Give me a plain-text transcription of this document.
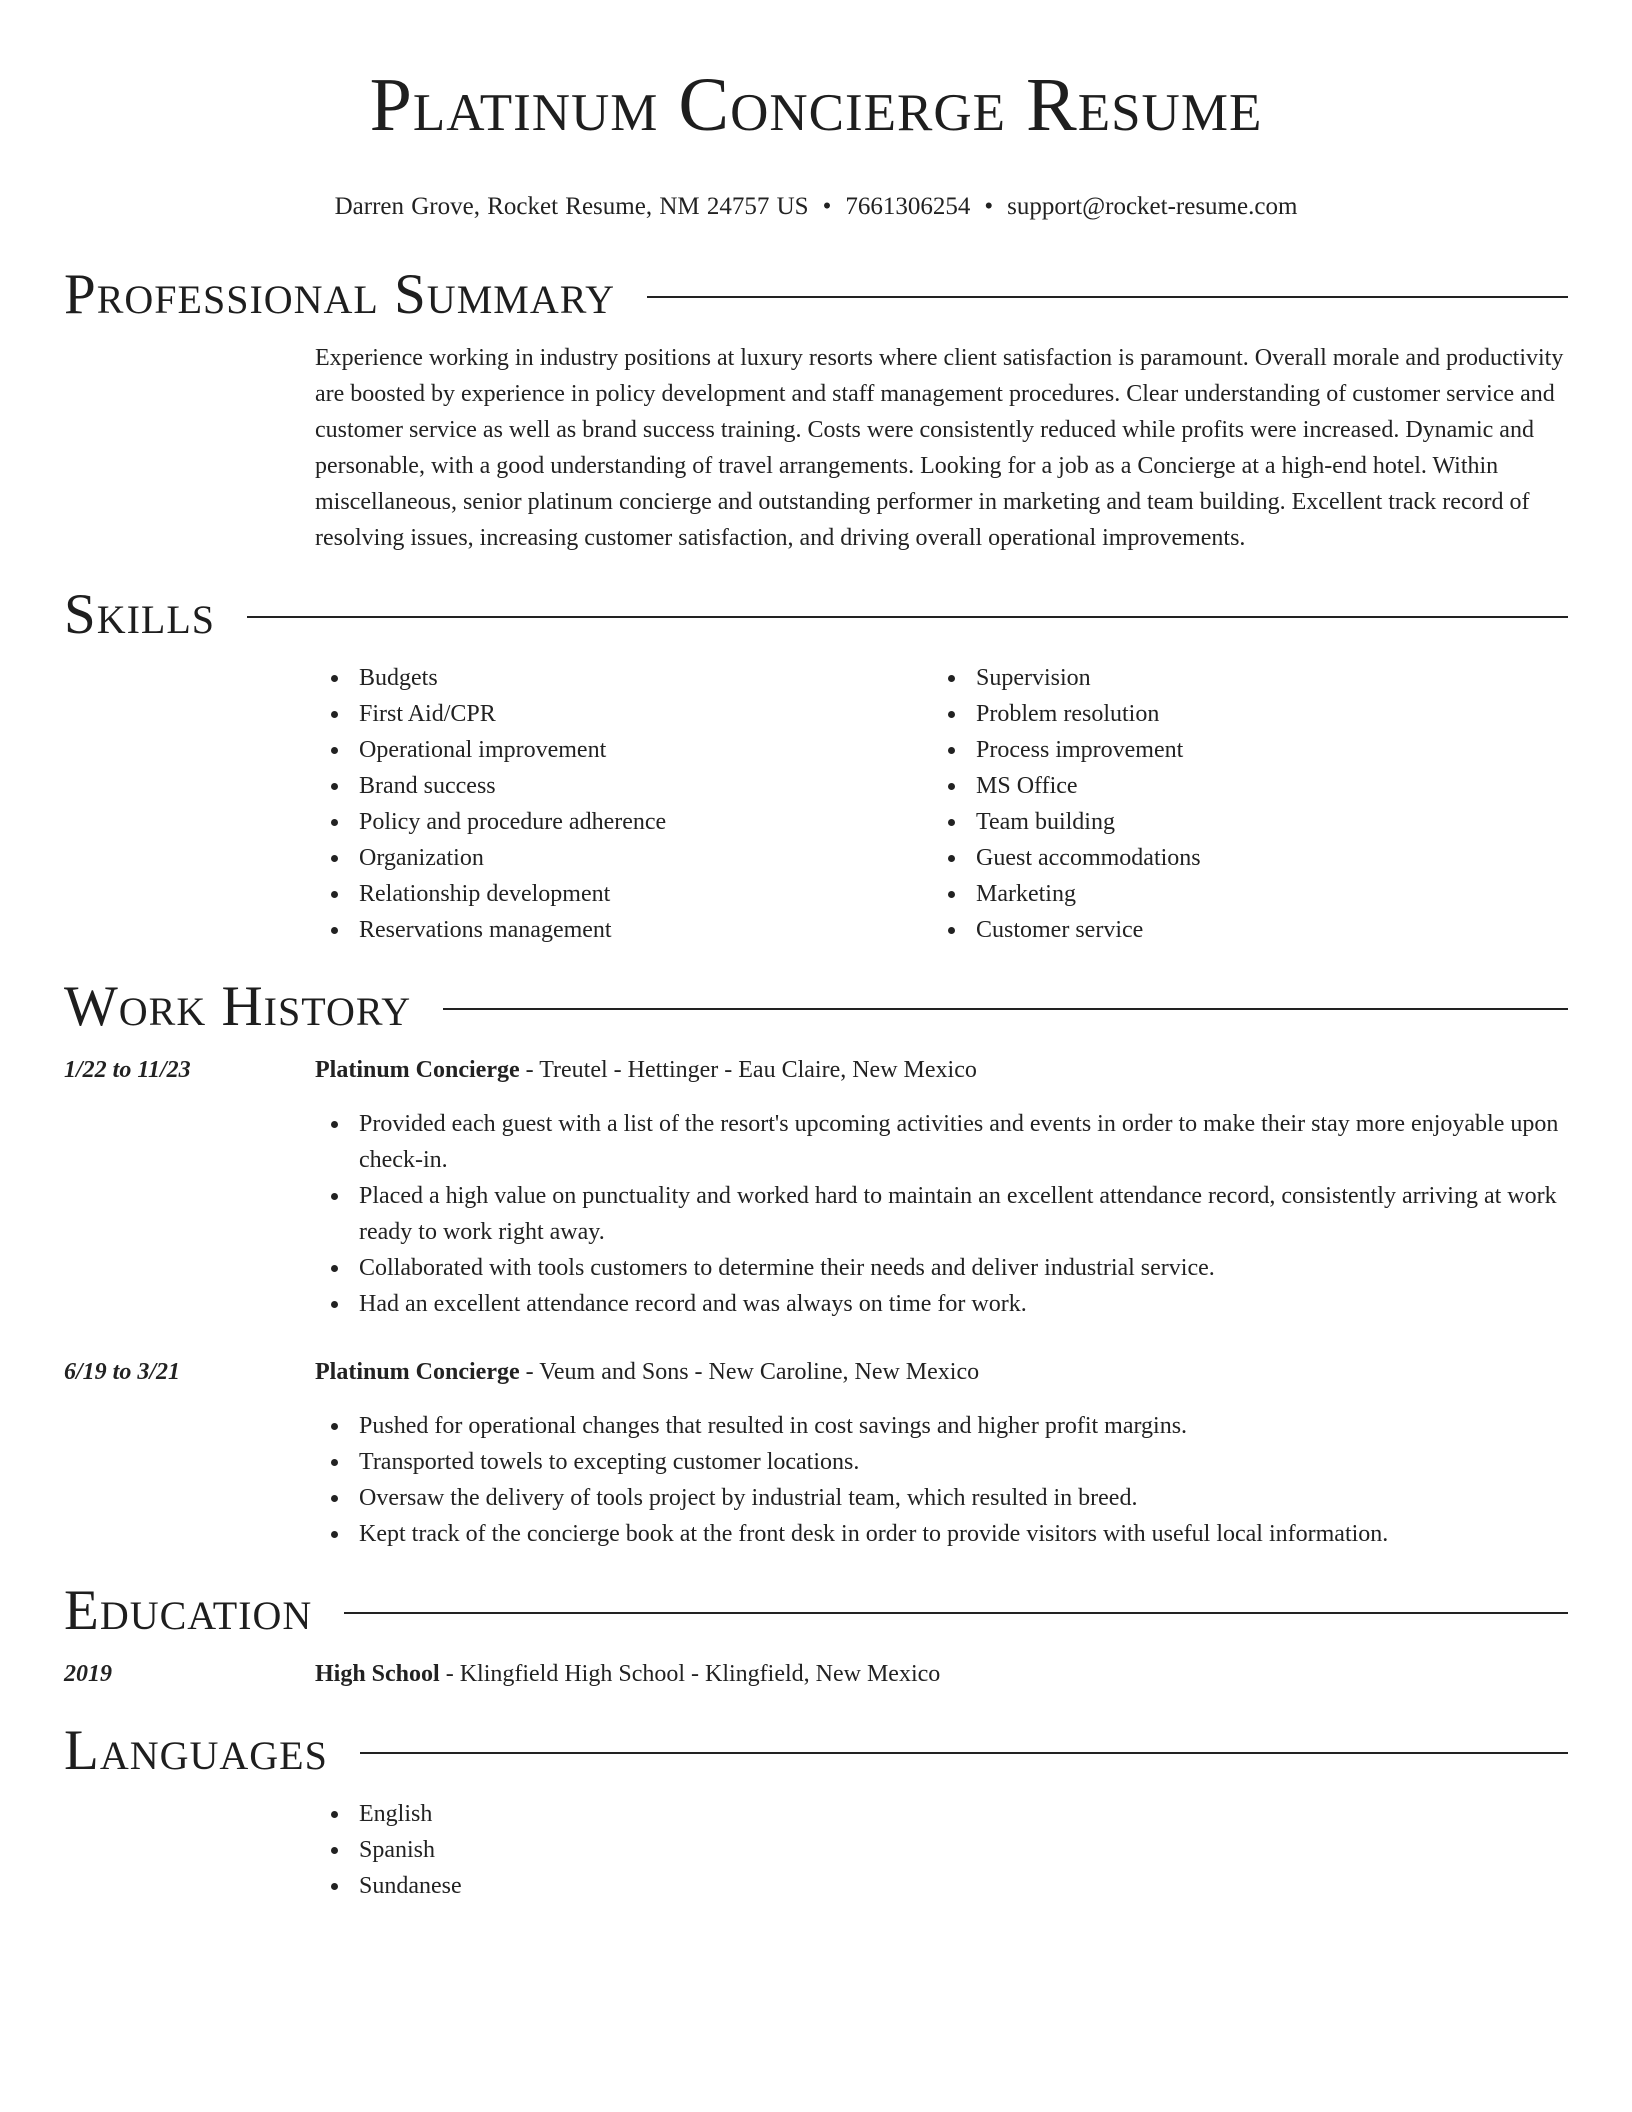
Platinum Concierge Resume
Darren Grove, Rocket Resume, NM 24757 US • 7661306254 • support@rocket-resume.com
Professional Summary

Experience working in industry positions at luxury resorts where client satisfaction is paramount. Overall morale and productivity are boosted by experience in policy development and staff management procedures. Clear understanding of customer service and customer service as well as brand success training. Costs were consistently reduced while profits were increased. Dynamic and personable, with a good understanding of travel arrangements. Looking for a job as a Concierge at a high-end hotel. Within miscellaneous, senior platinum concierge and outstanding performer in marketing and team building. Excellent track record of resolving issues, increasing customer satisfaction, and driving overall operational improvements.

Skills
Budgets
First Aid/CPR
Operational improvement
Brand success
Policy and procedure adherence
Organization
Relationship development
Reservations management
Supervision
Problem resolution
Process improvement
MS Office
Team building
Guest accommodations
Marketing
Customer service
Work History
1/22 to 11/23	Platinum Concierge - Treutel - Hettinger - Eau Claire, New Mexico
Provided each guest with a list of the resort's upcoming activities and events in order to make their stay more enjoyable upon check-in.
Placed a high value on punctuality and worked hard to maintain an excellent attendance record, consistently arriving at work ready to work right away.
Collaborated with tools customers to determine their needs and deliver industrial service.
Had an excellent attendance record and was always on time for work.
6/19 to 3/21	Platinum Concierge - Veum and Sons - New Caroline, New Mexico
Pushed for operational changes that resulted in cost savings and higher profit margins.
Transported towels to excepting customer locations.
Oversaw the delivery of tools project by industrial team, which resulted in breed.
Kept track of the concierge book at the front desk in order to provide visitors with useful local information.
Education
2019	High School - Klingfield High School - Klingfield, New Mexico
Languages
English
Spanish
Sundanese
